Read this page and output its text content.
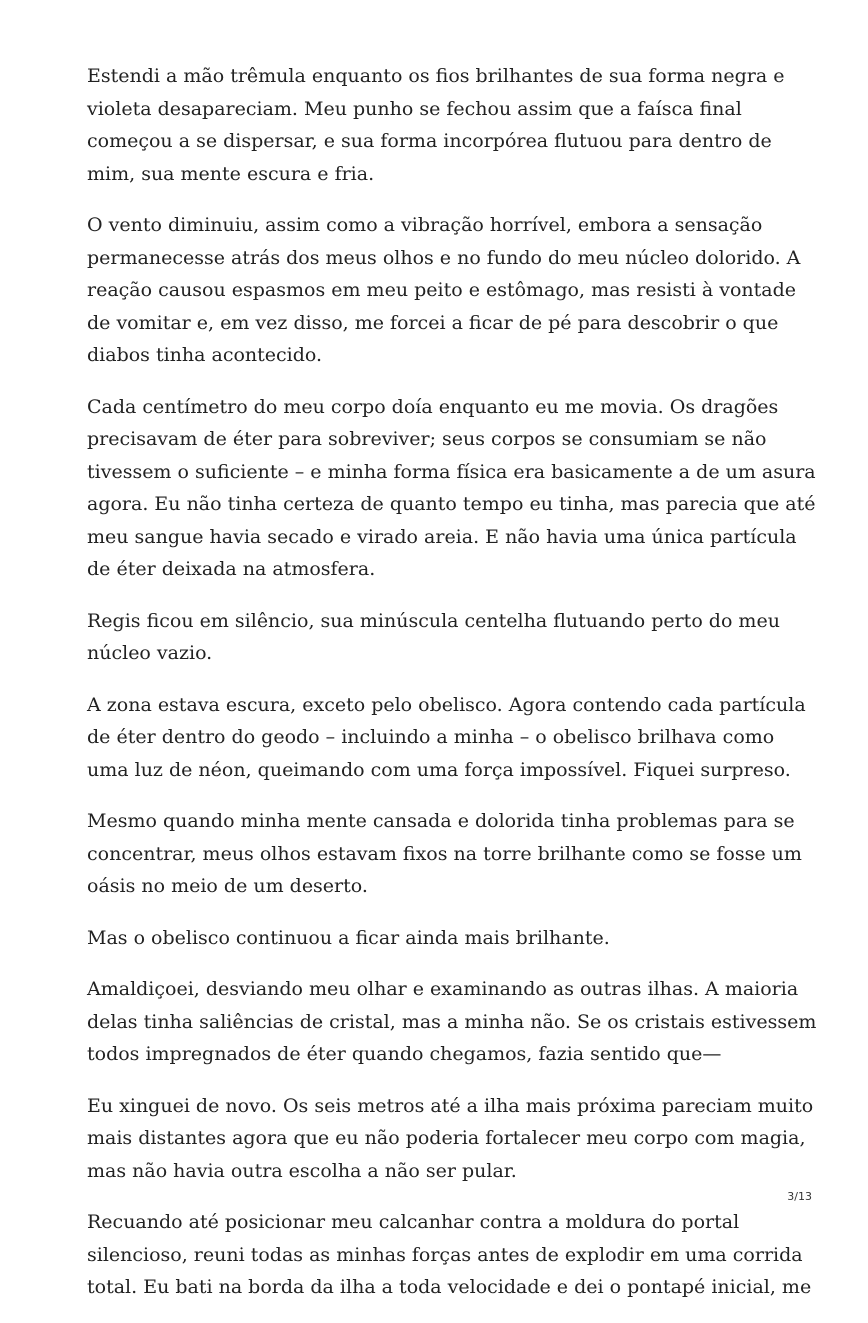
Estendi a mão trêmula enquanto os fios brilhantes de sua forma negra e
violeta desapareciam. Meu punho se fechou assim que a faísca final
começou a se dispersar, e sua forma incorpórea flutuou para dentro de
mim, sua mente escura e fria.

O vento diminuiu, assim como a vibração horrível, embora a sensação
permanecesse atrás dos meus olhos e no fundo do meu núcleo dolorido. A
reação causou espasmos em meu peito e estômago, mas resisti à vontade
de vomitar e, em vez disso, me forcei a ficar de pé para descobrir o que
diabos tinha acontecido.

Cada centímetro do meu corpo doía enquanto eu me movia. Os dragões
precisavam de éter para sobreviver; seus corpos se consumiam se não
tivessem o suficiente – e minha forma física era basicamente a de um asura
agora. Eu não tinha certeza de quanto tempo eu tinha, mas parecia que até
meu sangue havia secado e virado areia. E não havia uma única partícula
de éter deixada na atmosfera.

Regis ficou em silêncio, sua minúscula centelha flutuando perto do meu
núcleo vazio.

A zona estava escura, exceto pelo obelisco. Agora contendo cada partícula
de éter dentro do geodo – incluindo a minha – o obelisco brilhava como
uma luz de néon, queimando com uma força impossível. Fiquei surpreso.

Mesmo quando minha mente cansada e dolorida tinha problemas para se
concentrar, meus olhos estavam fixos na torre brilhante como se fosse um
oásis no meio de um deserto.

Mas o obelisco continuou a ficar ainda mais brilhante.

Amaldiçoei, desviando meu olhar e examinando as outras ilhas. A maioria
delas tinha saliências de cristal, mas a minha não. Se os cristais estivessem
todos impregnados de éter quando chegamos, fazia sentido que—

Eu xinguei de novo. Os seis metros até a ilha mais próxima pareciam muito
mais distantes agora que eu não poderia fortalecer meu corpo com magia,
mas não havia outra escolha a não ser pular.

Recuando até posicionar meu calcanhar contra a moldura do portal
silencioso, reuni todas as minhas forças antes de explodir em uma corrida
total. Eu bati na borda da ilha a toda velocidade e dei o pontapé inicial, me

3/13
